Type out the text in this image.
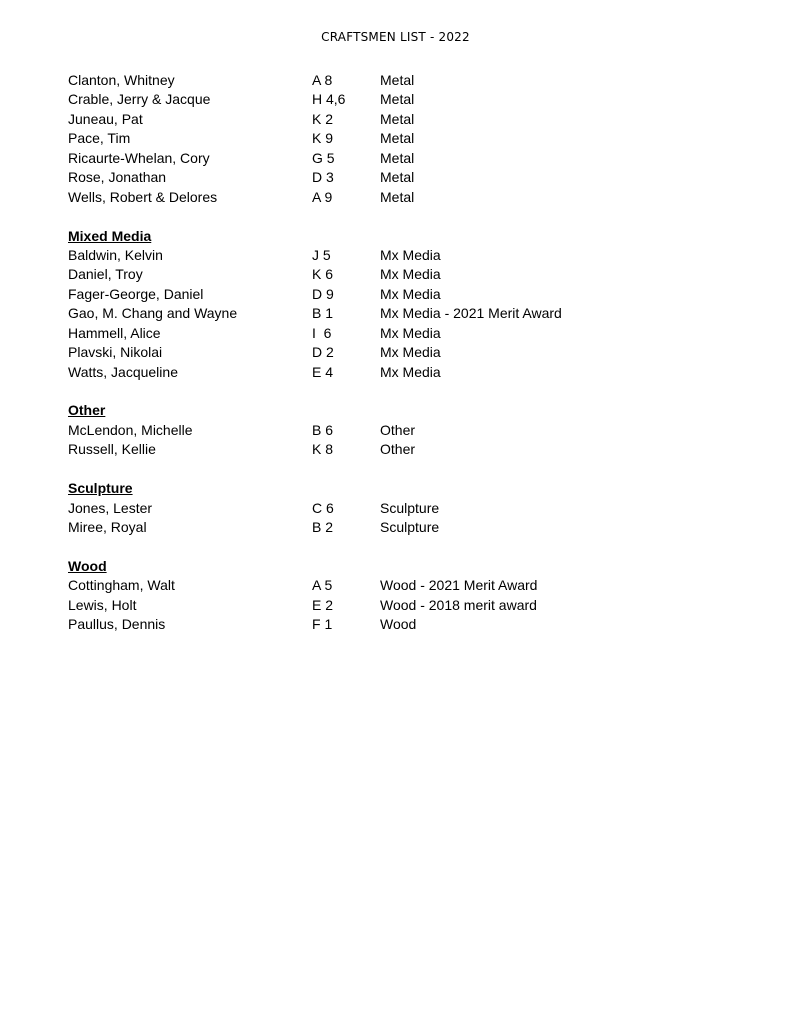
CRAFTSMEN LIST - 2022
Clanton, Whitney	A 8	Metal
Crable, Jerry & Jacque	H 4,6 Metal
Juneau, Pat	K 2	Metal
Pace, Tim	K 9	Metal
Ricaurte-Whelan, Cory	G 5	Metal
Rose, Jonathan	D 3	Metal
Wells, Robert & Delores	A 9	Metal
Mixed Media
Baldwin, Kelvin	J 5	Mx Media
Daniel, Troy	K 6	Mx Media
Fager-George, Daniel	D 9	Mx Media
Gao, M. Chang and Wayne	B 1	Mx Media - 2021 Merit Award
Hammell, Alice	I  6	Mx Media
Plavski, Nikolai	D 2	Mx Media
Watts, Jacqueline	E 4	Mx Media
Other
McLendon, Michelle	B 6	Other
Russell, Kellie	K 8	Other
Sculpture
Jones, Lester	C 6	Sculpture
Miree, Royal	B 2	Sculpture
Wood
Cottingham, Walt	A 5	Wood - 2021 Merit Award
Lewis, Holt	E 2	Wood - 2018 merit award
Paullus, Dennis	F 1	Wood
